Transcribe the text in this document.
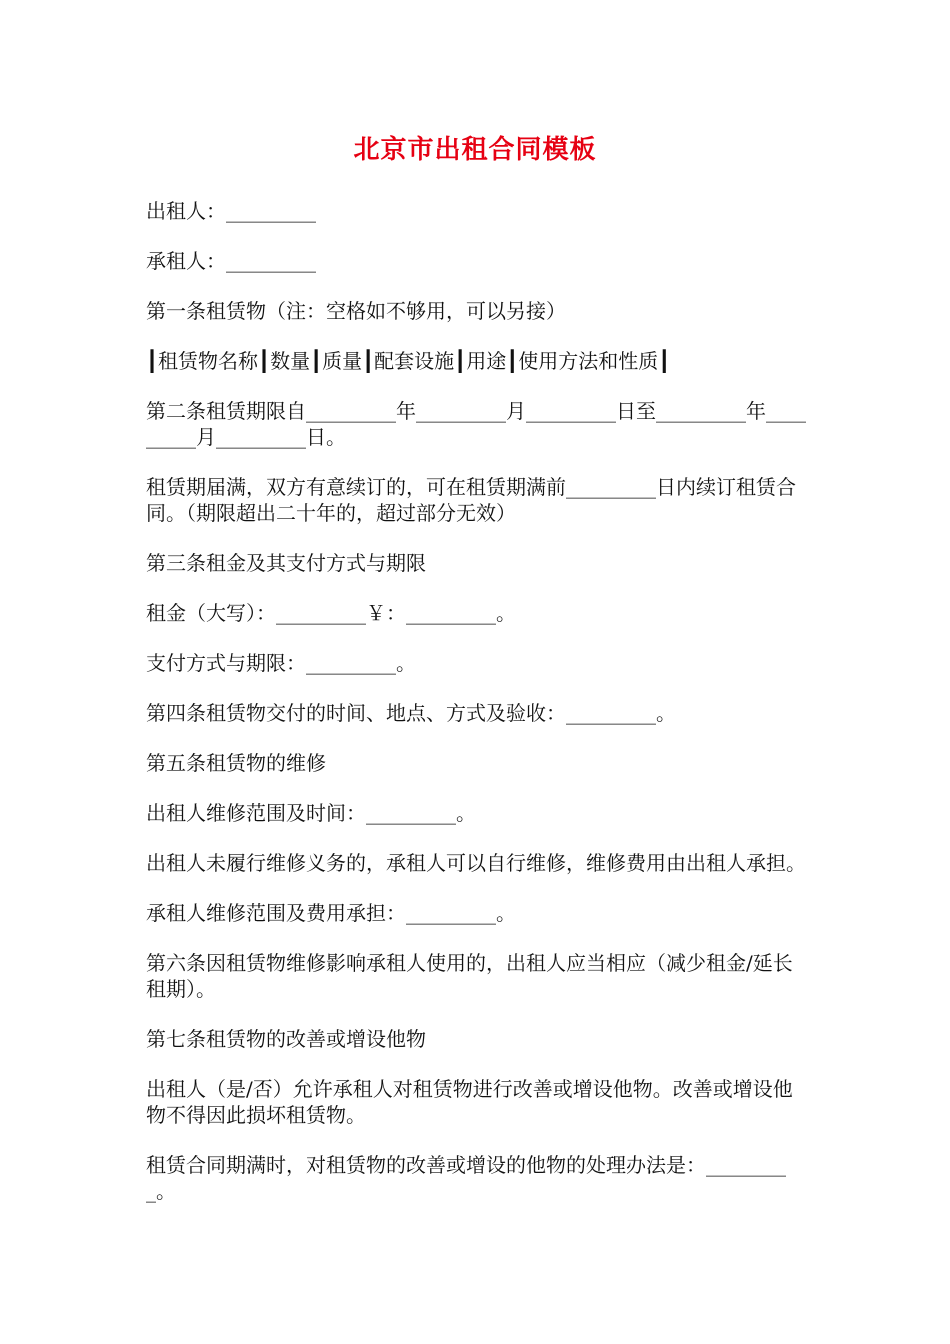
北京市出租合同模板

出租人：_________

承租人：_________

第一条租赁物（注：空格如不够用，可以另接）

┃租赁物名称┃数量┃质量┃配套设施┃用途┃使用方法和性质┃

第二条租赁期限自_________年_________月_________日至_________年_________月_________日。

租赁期届满，双方有意续订的，可在租赁期满前_________日内续订租赁合同。（期限超出二十年的，超过部分无效）

第三条租金及其支付方式与期限

租金（大写）：_________￥：_________。

支付方式与期限：_________。

第四条租赁物交付的时间、地点、方式及验收：_________。

第五条租赁物的维修

出租人维修范围及时间：_________。

出租人未履行维修义务的，承租人可以自行维修，维修费用由出租人承担。

承租人维修范围及费用承担：_________。

第六条因租赁物维修影响承租人使用的，出租人应当相应（减少租金/延长租期）。

第七条租赁物的改善或增设他物

出租人（是/否）允许承租人对租赁物进行改善或增设他物。改善或增设他物不得因此损坏租赁物。

租赁合同期满时，对租赁物的改善或增设的他物的处理办法是：_________。
